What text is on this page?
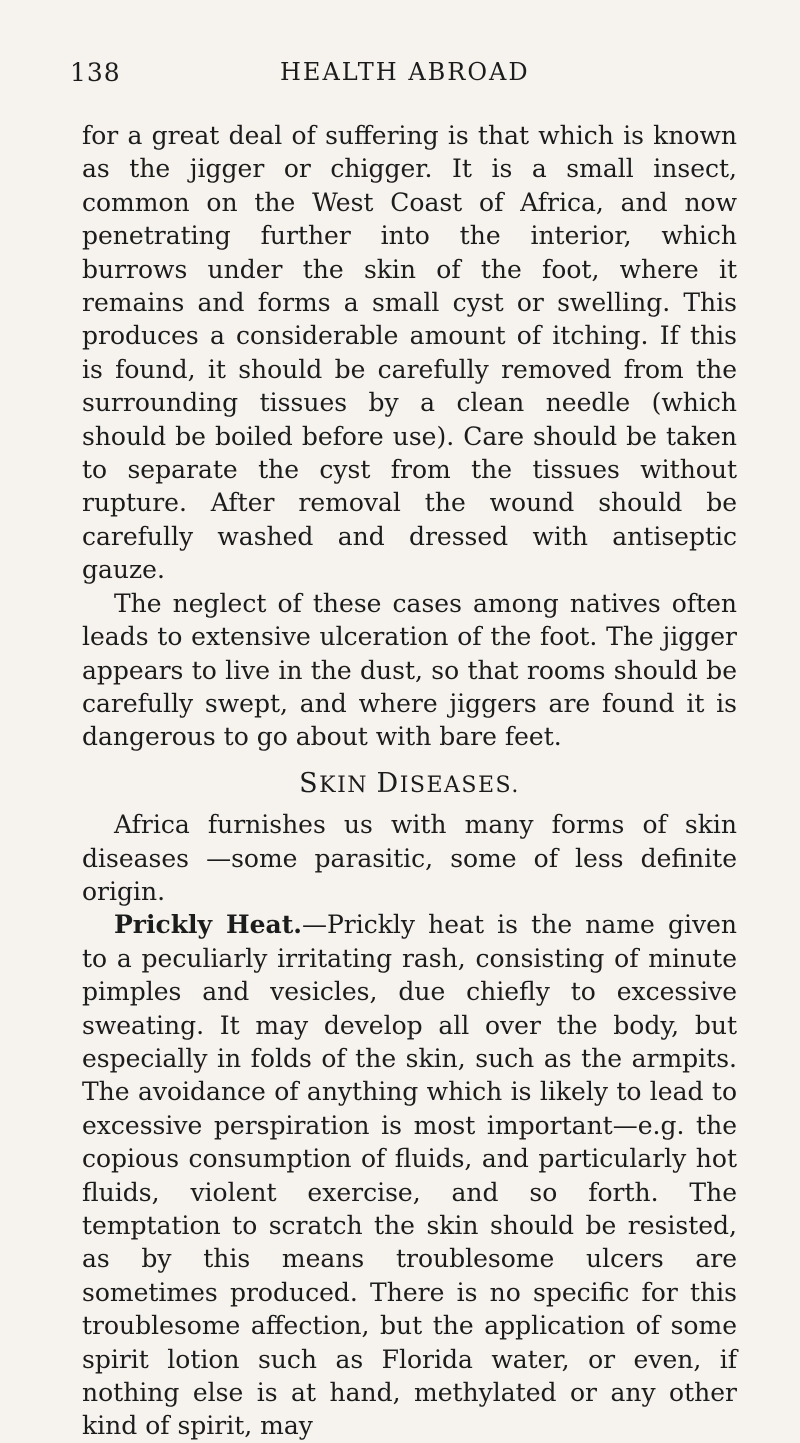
138	HEALTH ABROAD

for a great deal of suffering is that which is known as the jigger or chigger. It is a small insect, common on the West Coast of Africa, and now penetrating further into the interior, which burrows under the skin of the foot, where it remains and forms a small cyst or swelling. This produces a considerable amount of itching. If this is found, it should be carefully removed from the surrounding tissues by a clean needle (which should be boiled before use). Care should be taken to separate the cyst from the tissues without rupture. After removal the wound should be carefully washed and dressed with antiseptic gauze.

The neglect of these cases among natives often leads to extensive ulceration of the foot. The jigger appears to live in the dust, so that rooms should be carefully swept, and where jiggers are found it is dangerous to go about with bare feet.

SKIN DISEASES.

Africa furnishes us with many forms of skin diseases —some parasitic, some of less definite origin.

Prickly Heat.—Prickly heat is the name given to a peculiarly irritating rash, consisting of minute pimples and vesicles, due chiefly to excessive sweating. It may develop all over the body, but especially in folds of the skin, such as the armpits. The avoidance of anything which is likely to lead to excessive perspiration is most important—e.g. the copious consumption of fluids, and particularly hot fluids, violent exercise, and so forth. The temptation to scratch the skin should be resisted, as by this means troublesome ulcers are sometimes produced. There is no specific for this troublesome affection, but the application of some spirit lotion such as Florida water, or even, if nothing else is at hand, methylated or any other kind of spirit, may
